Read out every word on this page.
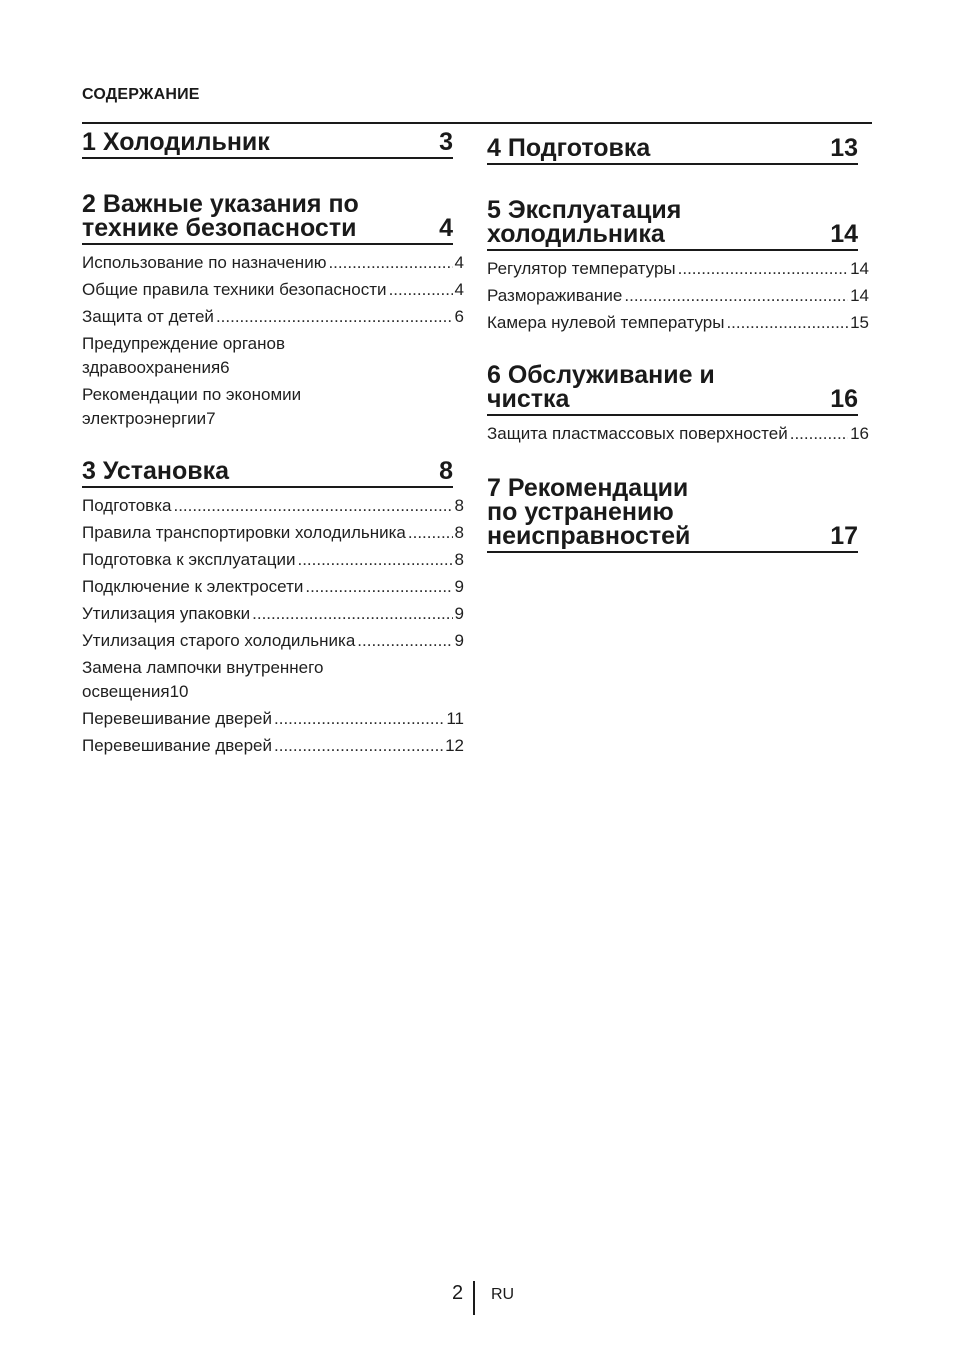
СОДЕРЖАНИЕ
1 Холодильник	3
2 Важные указания по
технике безопасности	4
Использование по назначению .....	4
Общие правила техники безопасности .....	4
Защита от детей .....	6
Предупреждение органов
здравоохранения 6
Рекомендации по экономии
электроэнергии 7
3 Установка	8
Подготовка .....	8
Правила транспортировки холодильника .....	8
Подготовка к эксплуатации .....	8
Подключение к электросети .....	9
Утилизация упаковки .....	9
Утилизация старого холодильника .....	9
Замена лампочки внутреннего
освещения 10
Перевешивание дверей .....	11
Перевешивание дверей .....	12
4 Подготовка	13
5 Эксплуатация
холодильника	14
Регулятор температуры .....	14
Размораживание .....	14
Камера нулевой температуры .....	15
6 Обслуживание и
чистка	16
Защита пластмассовых поверхностей .....	16
7 Рекомендации
по устранению
неисправностей	17
2 RU
